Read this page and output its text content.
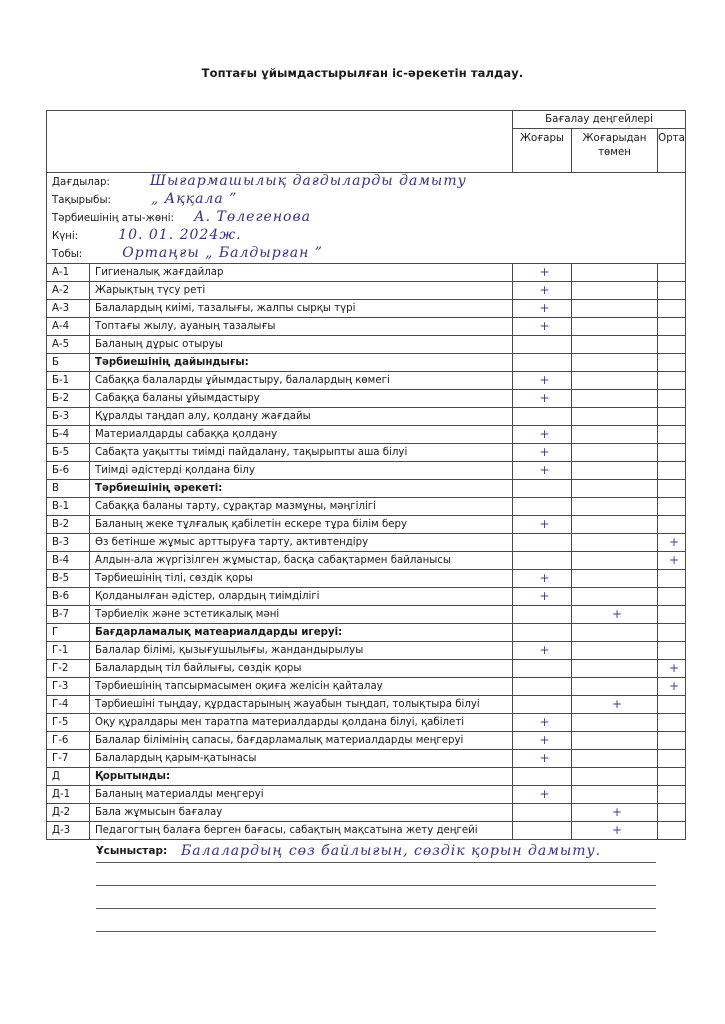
Топтағы ұйымдастырылған іс-әрекетін талдау.
		Бағалау деңгейлері		
		Жоғары	Жоғарыдан төмен	Орта
Дағдылар: Шығармашылық дағдыларды дамыту				
Тақырыбы: „ Аққала ”				
Тәрбиешінің аты-жөні: А. Төлегенова				
Күні: 10. 01. 2024ж.				
Тобы: Ортаңғы „ Балдырған ”				
А-1	Гигиеналық жағдайлар	+		
А-2	Жарықтың түсу реті	+		
А-3	Балалардың киімі, тазалығы, жалпы сырқы түрі	+		
А-4	Топтағы жылу, ауаның тазалығы	+		
А-5	Баланың дұрыс отыруы			
Б	Тәрбиешінің дайындығы:			
Б-1	Сабаққа балаларды ұйымдастыру, балалардың көмегі	+		
Б-2	Сабаққа баланы ұйымдастыру	+		
Б-3	Құралды таңдап алу, қолдану жағдайы			
Б-4	Материалдарды сабаққа қолдану	+		
Б-5	Сабақта уақытты тиімді пайдалану, тақырыпты аша білуі	+		
Б-6	Тиімді әдістерді қолдана білу	+		
В	Тәрбиешінің әрекеті:			
В-1	Сабаққа баланы тарту, сұрақтар мазмұны, мәңгілігі			
В-2	Баланың жеке тұлғалық қабілетін ескере тұра білім беру	+		
В-3	Өз бетінше жұмыс арттыруға тарту, активтендіру			+
В-4	Алдын-ала жүргізілген жұмыстар, басқа сабақтармен байланысы			+
В-5	Тәрбиешінің тілі, сөздік қоры	+		
В-6	Қолданылған әдістер, олардың тиімділігі	+		
В-7	Тәрбиелік және эстетикалық мәні		+	
Г	Бағдарламалық матеариалдарды игеруі:			
Г-1	Балалар білімі, қызығушылығы, жандандырылуы	+		
Г-2	Балалардың тіл байлығы, сөздік қоры			+
Г-3	Тәрбиешінің тапсырмасымен оқиға желісін қайталау			+
Г-4	Тәрбиешіні тыңдау, құрдастарының жауабын тыңдап, толықтыра білуі		+	
Г-5	Оқу құралдары мен таратпа материалдарды қолдана білуі, қабілеті	+		
Г-6	Балалар білімінің сапасы, бағдарламалық материалдарды меңгеруі	+		
Г-7	Балалардың қарым-қатынасы	+		
Д	Қорытынды:			
Д-1	Баланың материалды меңгеруі	+		
Д-2	Бала жұмысын бағалау		+	
Д-3	Педагогтың балаға берген бағасы, сабақтың мақсатына жету деңгейі		+	
Ұсыныстар: Балалардың сөз байлығын, сөздік қорын дамыту.
